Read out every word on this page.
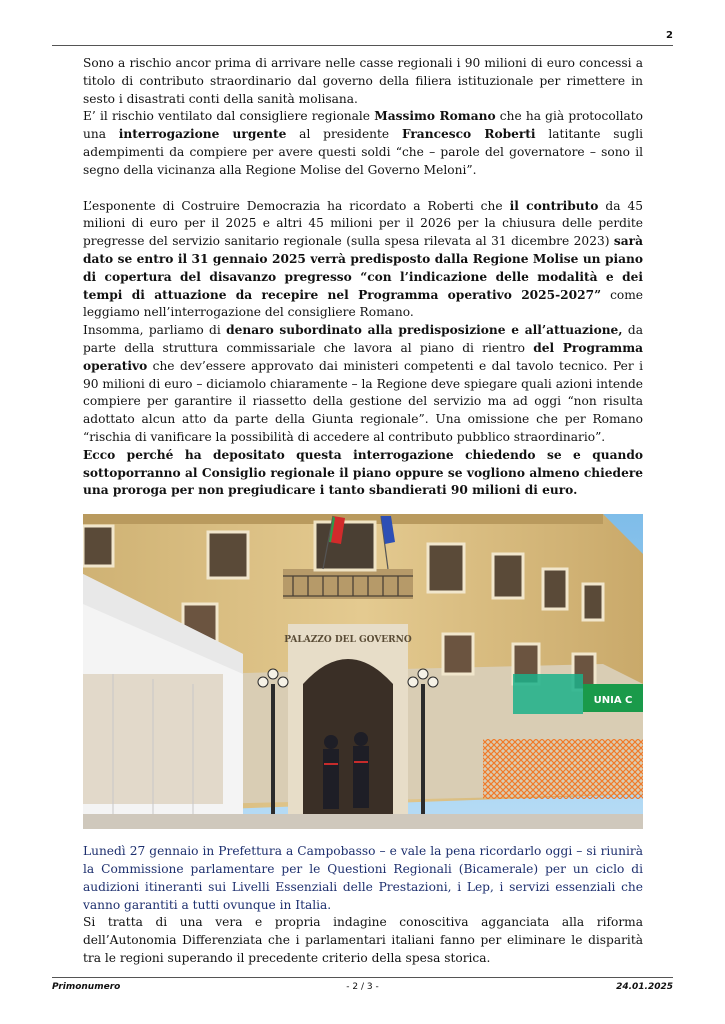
2

Sono a rischio ancor prima di arrivare nelle casse regionali i 90 milioni di euro concessi a titolo di contributo straordinario dal governo della filiera istituzionale per rimettere in sesto i disastrati conti della sanità molisana.

E’ il rischio ventilato dal consigliere regionale Massimo Romano che ha già protocollato una interrogazione urgente al presidente Francesco Roberti latitante sugli adempimenti da compiere per avere questi soldi “che – parole del governatore – sono il segno della vicinanza alla Regione Molise del Governo Meloni”.

L’esponente di Costruire Democrazia ha ricordato a Roberti che il contributo da 45 milioni di euro per il 2025 e altri 45 milioni per il 2026 per la chiusura delle perdite pregresse del servizio sanitario regionale (sulla spesa rilevata al 31 dicembre 2023) sarà dato se entro il 31 gennaio 2025 verrà predisposto dalla Regione Molise un piano di copertura del disavanzo pregresso “con l’indicazione delle modalità e dei tempi di attuazione da recepire nel Programma operativo 2025-2027” come leggiamo nell’interrogazione del consigliere Romano.

Insomma, parliamo di denaro subordinato alla predisposizione e all’attuazione, da parte della struttura commissariale che lavora al piano di rientro del Programma operativo che dev’essere approvato dai ministeri competenti e dal tavolo tecnico. Per i 90 milioni di euro – diciamolo chiaramente – la Regione deve spiegare quali azioni intende compiere per garantire il riassetto della gestione del servizio ma ad oggi “non risulta adottato alcun atto da parte della Giunta regionale”. Una omissione che per Romano “rischia di vanificare la possibilità di accedere al contributo pubblico straordinario”.

Ecco perché ha depositato questa interrogazione chiedendo se e quando sottoporranno al Consiglio regionale il piano oppure se vogliono almeno chiedere una proroga per non pregiudicare i tanto sbandierati 90 milioni di euro.

PALAZZO DEL GOVERNO
UNIA C

Lunedì 27 gennaio in Prefettura a Campobasso – e vale la pena ricordarlo oggi – si riunirà la Commissione parlamentare per le Questioni Regionali (Bicamerale) per un ciclo di audizioni itineranti sui Livelli Essenziali delle Prestazioni, i Lep, i servizi essenziali che vanno garantiti a tutti ovunque in Italia.

Si tratta di una vera e propria indagine conoscitiva agganciata alla riforma dell’Autonomia Differenziata che i parlamentari italiani fanno per eliminare le disparità tra le regioni superando il precedente criterio della spesa storica.

Primonumero	- 2 / 3 -	24.01.2025
